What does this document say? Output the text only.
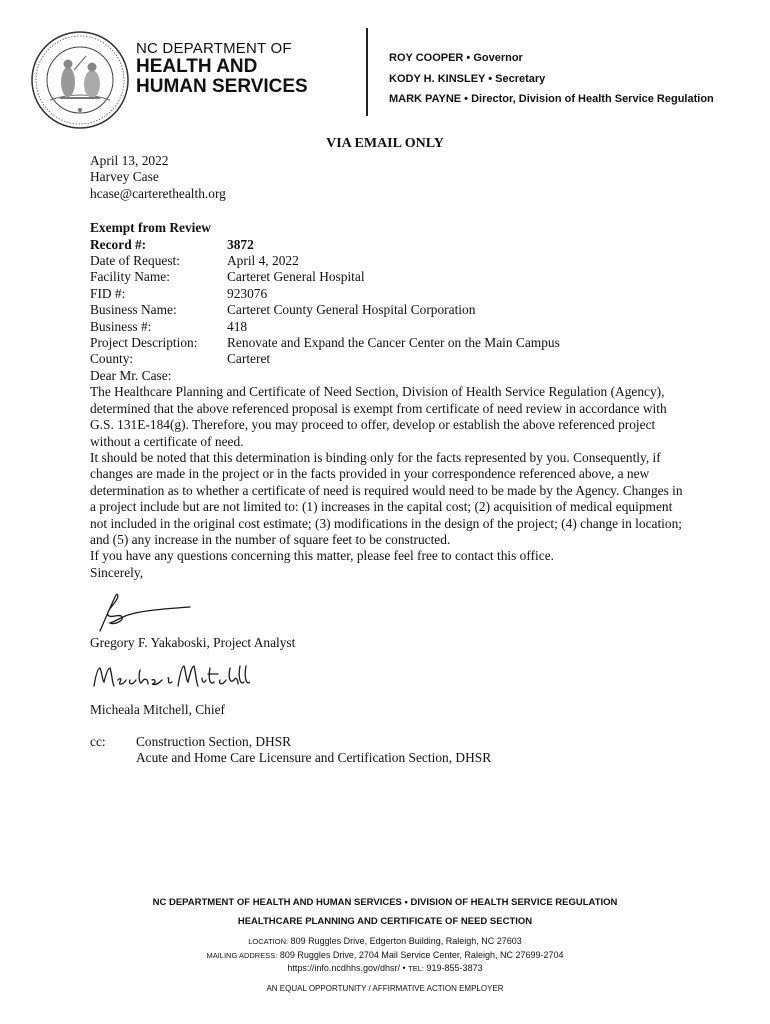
NC DEPARTMENT OF
HEALTH AND
HUMAN SERVICES
ROY COOPER • Governor
KODY H. KINSLEY • Secretary
MARK PAYNE • Director, Division of Health Service Regulation
VIA EMAIL ONLY

April 13, 2022

Harvey Case
hcase@carterethealth.org
Exempt from Review
Record #:	3872
Date of Request:	April 4, 2022
Facility Name:	Carteret General Hospital
FID #:	923076
Business Name:	Carteret County General Hospital Corporation
Business #:	418
Project Description:	Renovate and Expand the Cancer Center on the Main Campus
County:	Carteret

Dear Mr. Case:

The Healthcare Planning and Certificate of Need Section, Division of Health Service Regulation (Agency), determined that the above referenced proposal is exempt from certificate of need review in accordance with G.S. 131E-184(g). Therefore, you may proceed to offer, develop or establish the above referenced project without a certificate of need.

It should be noted that this determination is binding only for the facts represented by you. Consequently, if changes are made in the project or in the facts provided in your correspondence referenced above, a new determination as to whether a certificate of need is required would need to be made by the Agency. Changes in a project include but are not limited to: (1) increases in the capital cost; (2) acquisition of medical equipment not included in the original cost estimate; (3) modifications in the design of the project; (4) change in location; and (5) any increase in the number of square feet to be constructed.

If you have any questions concerning this matter, please feel free to contact this office.

Sincerely,

Gregory F. Yakaboski, Project Analyst

Micheala Mitchell, Chief

cc:	Construction Section, DHSR
Acute and Home Care Licensure and Certification Section, DHSR
NC DEPARTMENT OF HEALTH AND HUMAN SERVICES • DIVISION OF HEALTH SERVICE REGULATION
HEALTHCARE PLANNING AND CERTIFICATE OF NEED SECTION
LOCATION: 809 Ruggles Drive, Edgerton Building, Raleigh, NC 27603
MAILING ADDRESS: 809 Ruggles Drive, 2704 Mail Service Center, Raleigh, NC 27699-2704
https://info.ncdhhs.gov/dhsr/ • TEL: 919-855-3873
AN EQUAL OPPORTUNITY / AFFIRMATIVE ACTION EMPLOYER
